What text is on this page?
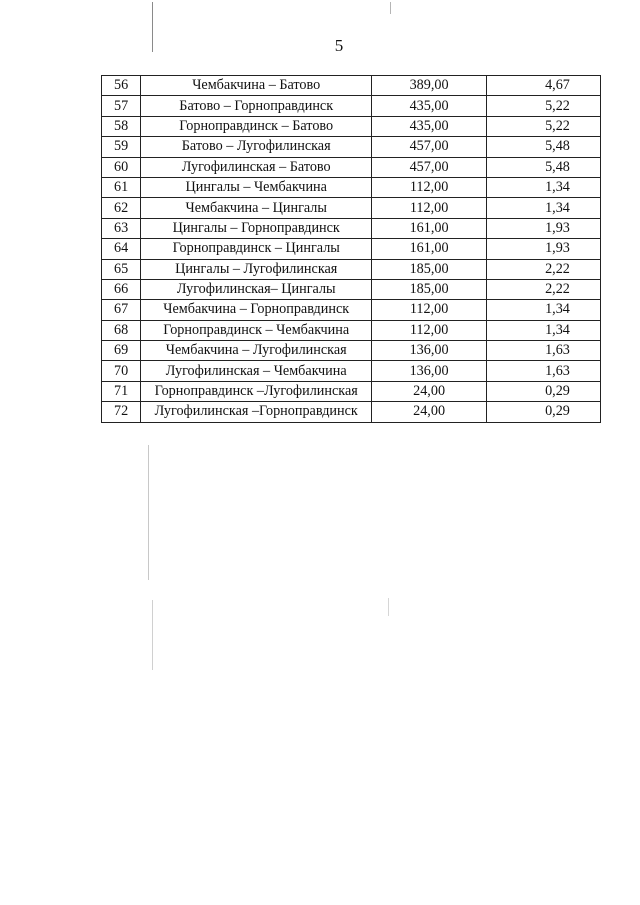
5
56	Чембакчина – Батово	389,00	4,67
57	Батово – Горноправдинск	435,00	5,22
58	Горноправдинск – Батово	435,00	5,22
59	Батово – Лугофилинская	457,00	5,48
60	Лугофилинская – Батово	457,00	5,48
61	Цингалы – Чембакчина	112,00	1,34
62	Чембакчина – Цингалы	112,00	1,34
63	Цингалы – Горноправдинск	161,00	1,93
64	Горноправдинск – Цингалы	161,00	1,93
65	Цингалы – Лугофилинская	185,00	2,22
66	Лугофилинская– Цингалы	185,00	2,22
67	Чембакчина – Горноправдинск	112,00	1,34
68	Горноправдинск – Чембакчина	112,00	1,34
69	Чембакчина – Лугофилинская	136,00	1,63
70	Лугофилинская – Чембакчина	136,00	1,63
71	Горноправдинск –Лугофилинская	24,00	0,29
72	Лугофилинская –Горноправдинск	24,00	0,29
